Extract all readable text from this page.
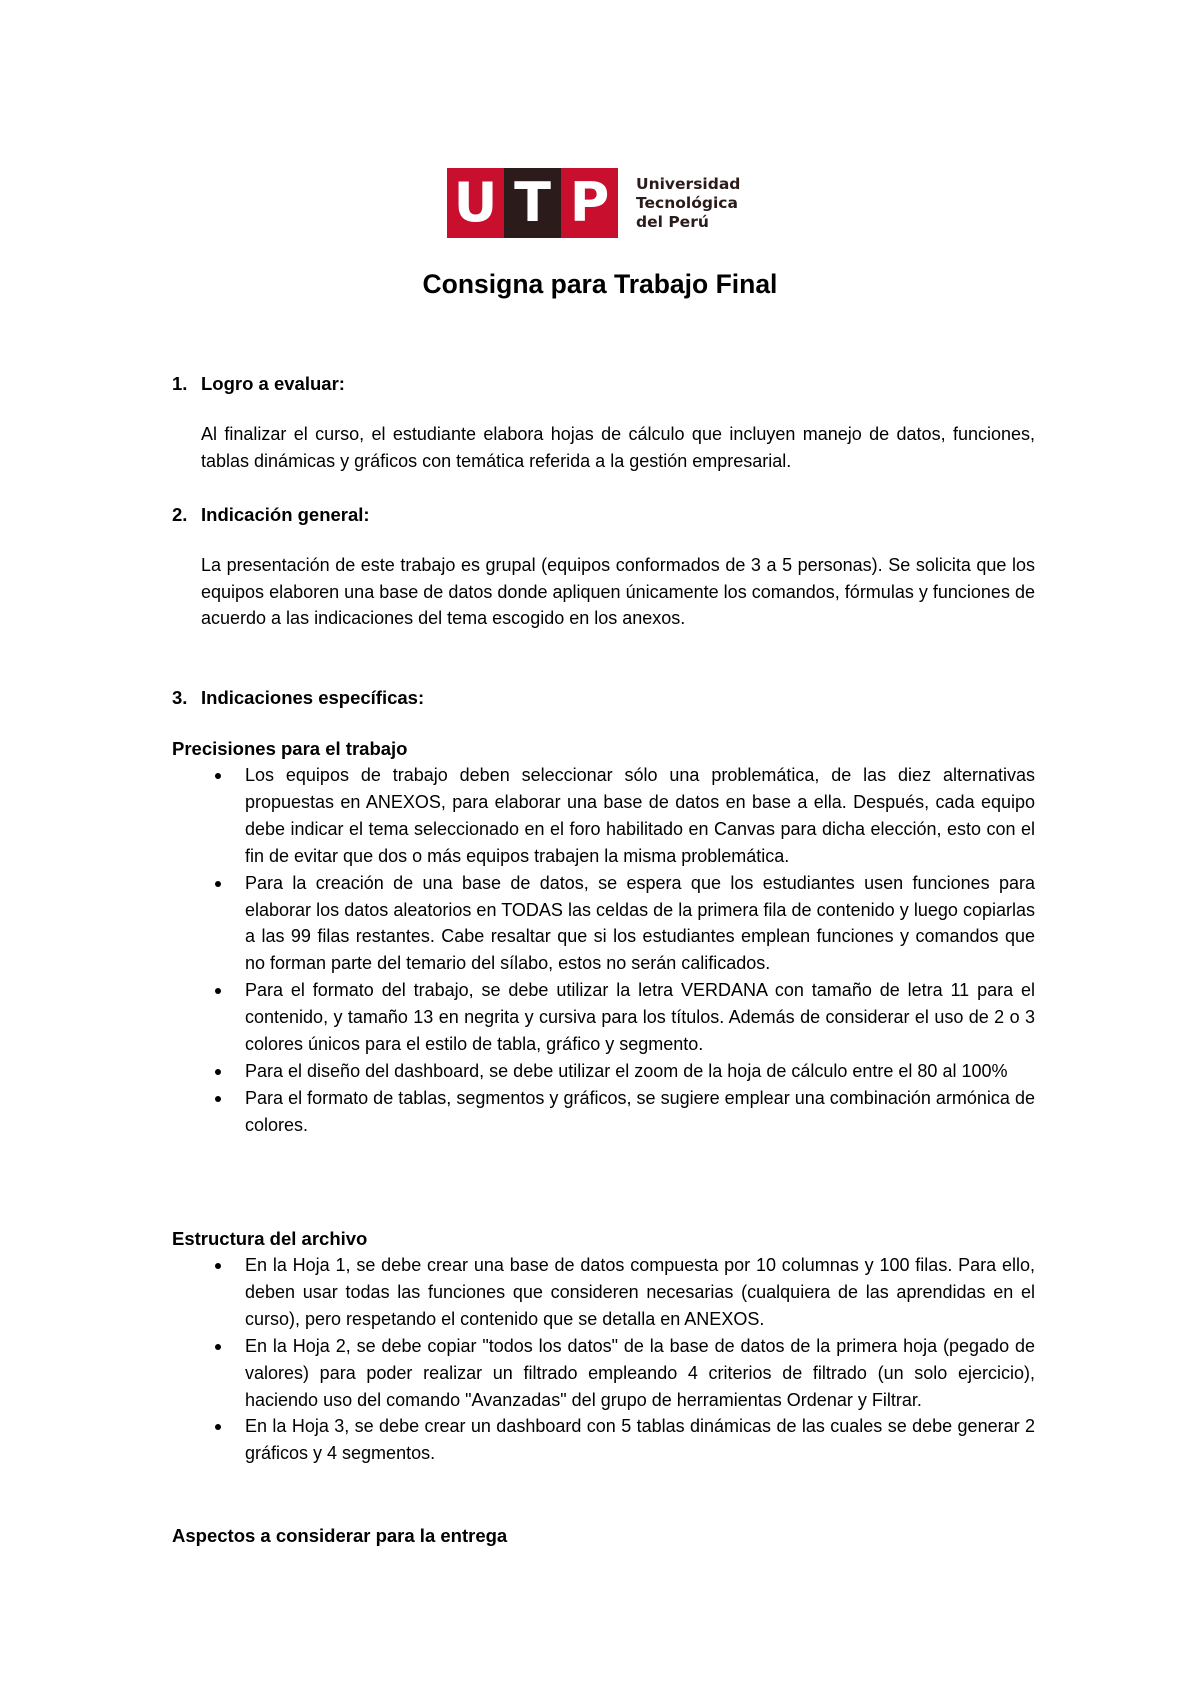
U T P	Universidad
Tecnológica
del Perú
Consigna para Trabajo Final
1. Logro a evaluar:
Al finalizar el curso, el estudiante elabora hojas de cálculo que incluyen manejo de datos, funciones, tablas dinámicas y gráficos con temática referida a la gestión empresarial.
2. Indicación general:
La presentación de este trabajo es grupal (equipos conformados de 3 a 5 personas). Se solicita que los equipos elaboren una base de datos donde apliquen únicamente los comandos, fórmulas y funciones de acuerdo a las indicaciones del tema escogido en los anexos.
3. Indicaciones específicas:
Precisiones para el trabajo
Los equipos de trabajo deben seleccionar sólo una problemática, de las diez alternativas propuestas en ANEXOS, para elaborar una base de datos en base a ella. Después, cada equipo debe indicar el tema seleccionado en el foro habilitado en Canvas para dicha elección, esto con el fin de evitar que dos o más equipos trabajen la misma problemática.
Para la creación de una base de datos, se espera que los estudiantes usen funciones para elaborar los datos aleatorios en TODAS las celdas de la primera fila de contenido y luego copiarlas a las 99 filas restantes. Cabe resaltar que si los estudiantes emplean funciones y comandos que no forman parte del temario del sílabo, estos no serán calificados.
Para el formato del trabajo, se debe utilizar la letra VERDANA con tamaño de letra 11 para el contenido, y tamaño 13 en negrita y cursiva para los títulos. Además de considerar el uso de 2 o 3 colores únicos para el estilo de tabla, gráfico y segmento.
Para el diseño del dashboard, se debe utilizar el zoom de la hoja de cálculo entre el 80 al 100%
Para el formato de tablas, segmentos y gráficos, se sugiere emplear una combinación armónica de colores.
Estructura del archivo
En la Hoja 1, se debe crear una base de datos compuesta por 10 columnas y 100 filas. Para ello, deben usar todas las funciones que consideren necesarias (cualquiera de las aprendidas en el curso), pero respetando el contenido que se detalla en ANEXOS.
En la Hoja 2, se debe copiar "todos los datos" de la base de datos de la primera hoja (pegado de valores) para poder realizar un filtrado empleando 4 criterios de filtrado (un solo ejercicio), haciendo uso del comando "Avanzadas" del grupo de herramientas Ordenar y Filtrar.
En la Hoja 3, se debe crear un dashboard con 5 tablas dinámicas de las cuales se debe generar 2 gráficos y 4 segmentos.
Aspectos a considerar para la entrega
